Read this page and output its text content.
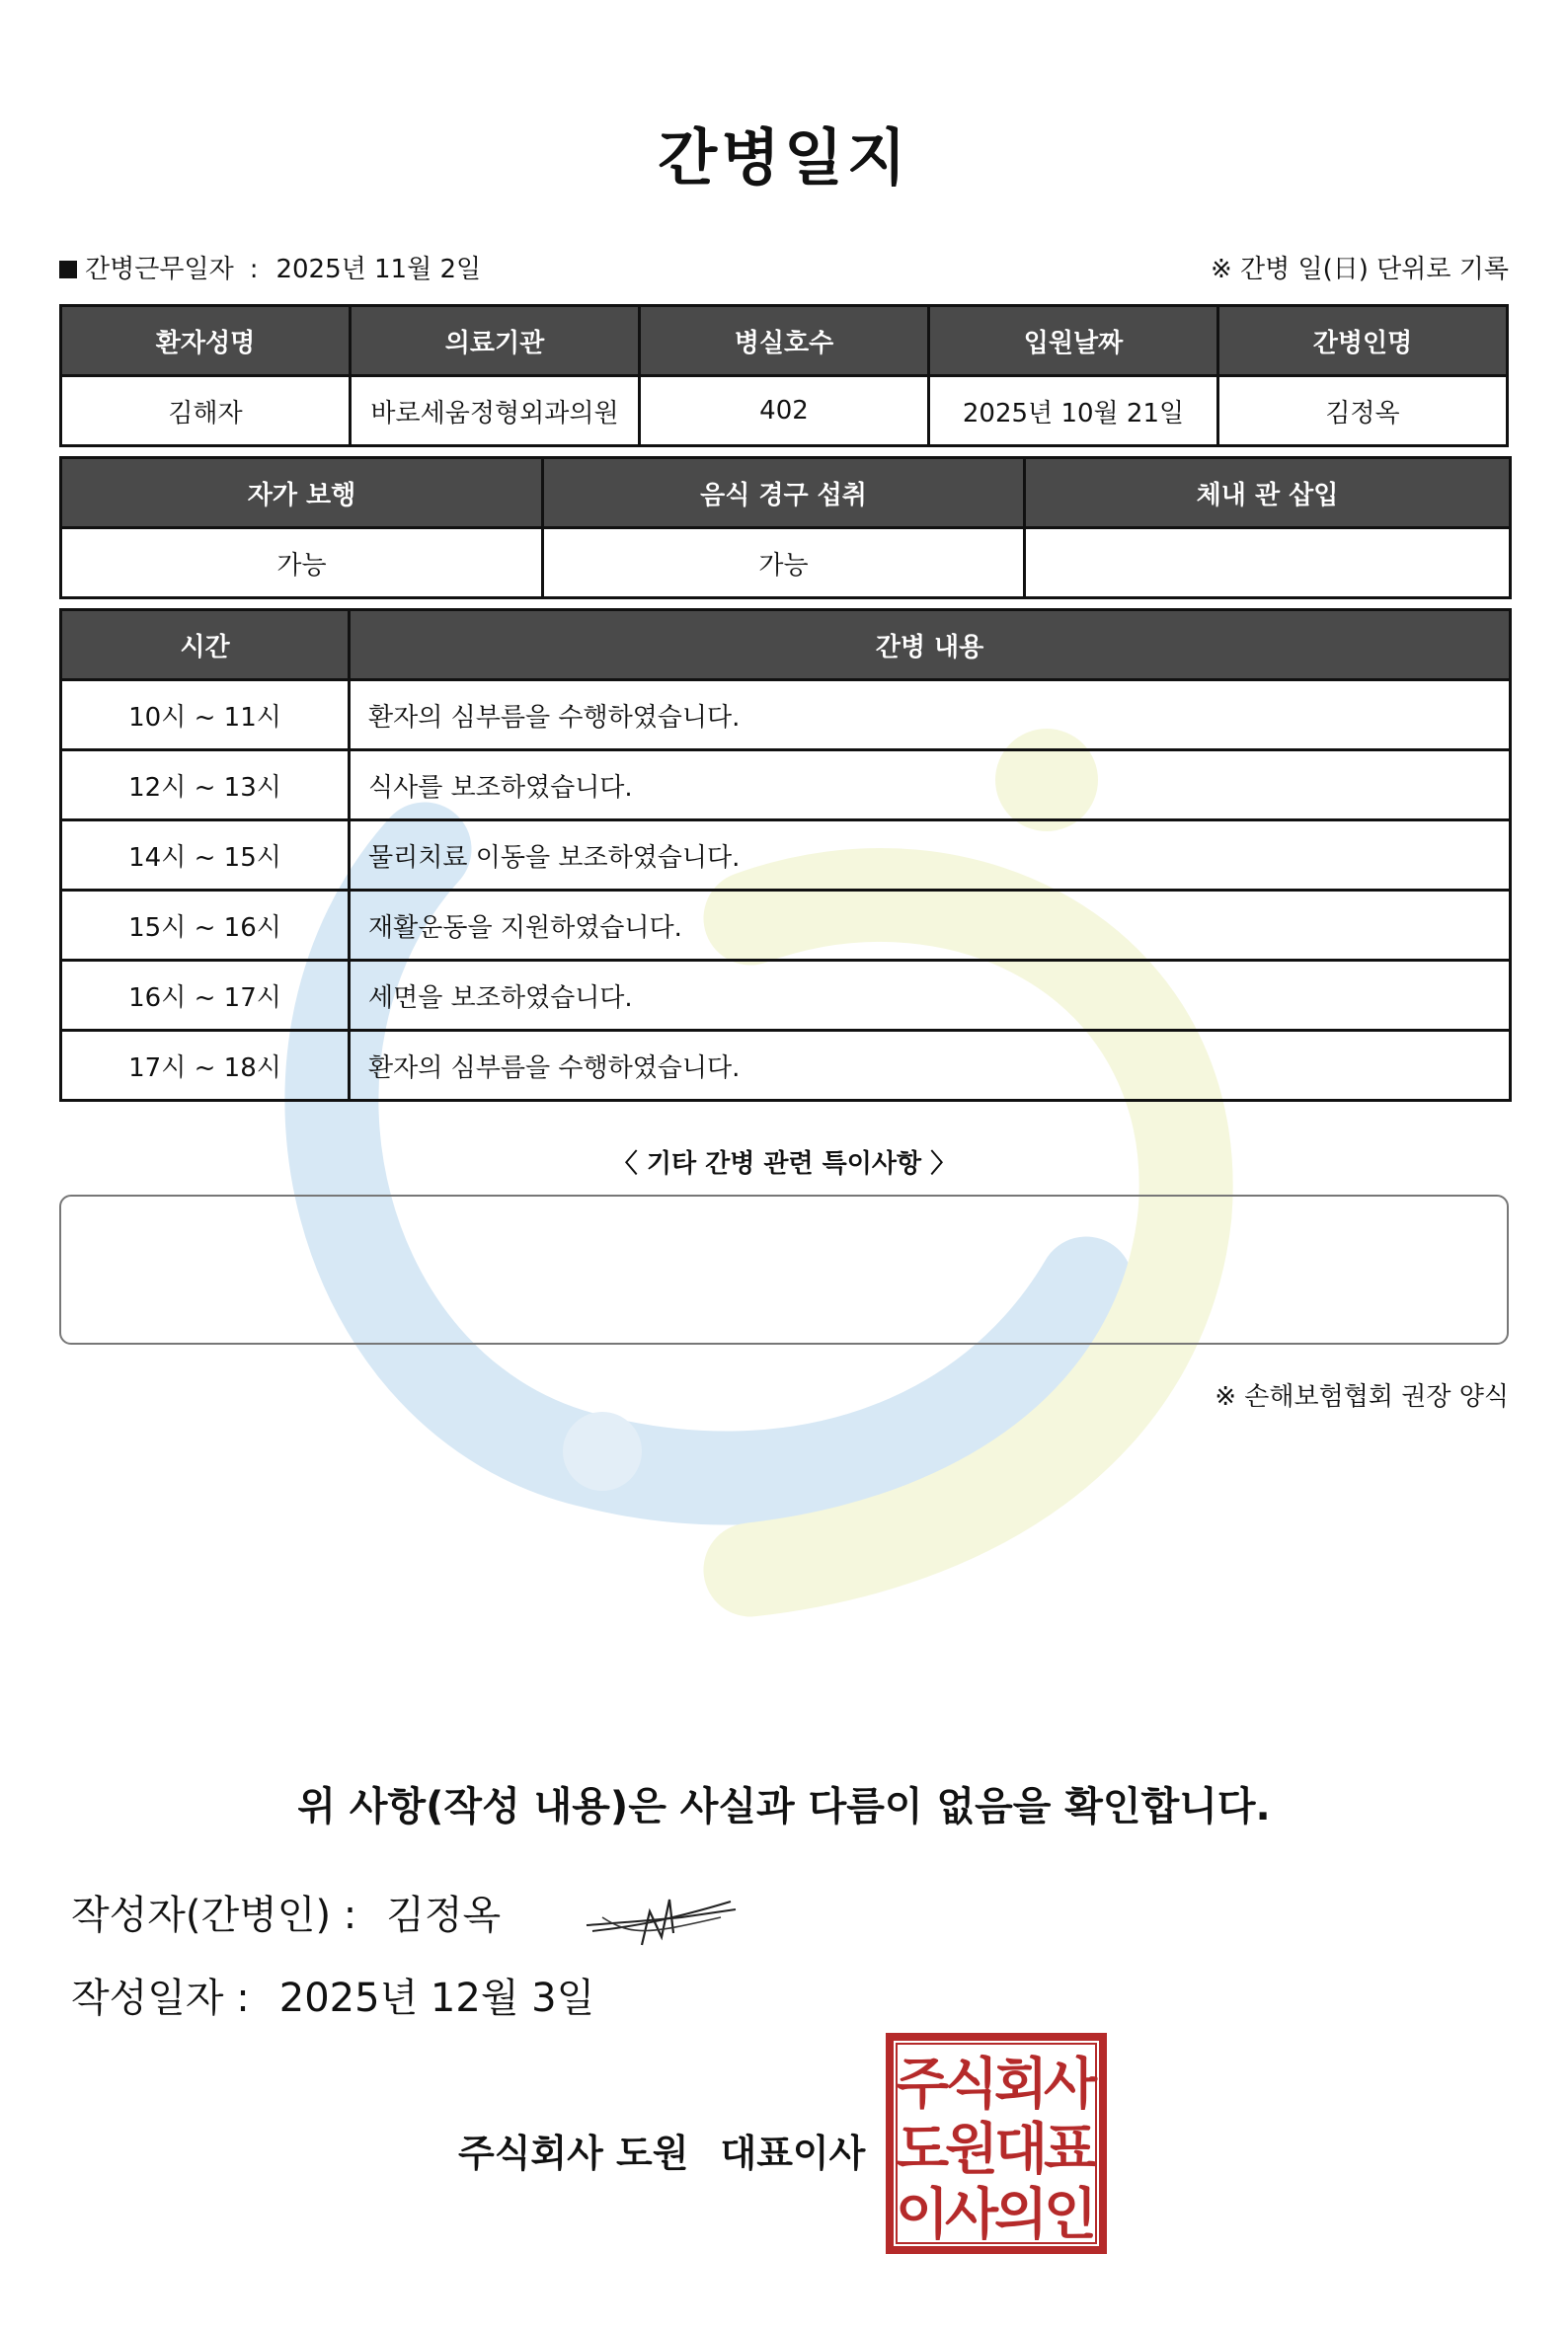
간병일지
간병근무일자 : 2025년 11월 2일	※ 간병 일(日) 단위로 기록
환자성명	의료기관	병실호수	입원날짜	간병인명
김해자	바로세움정형외과의원	402	2025년 10월 21일	김정옥
자가 보행	음식 경구 섭취	체내 관 삽입
가능	가능	
시간	간병 내용
10시 ~ 11시	환자의 심부름을 수행하였습니다.
12시 ~ 13시	식사를 보조하였습니다.
14시 ~ 15시	물리치료 이동을 보조하였습니다.
15시 ~ 16시	재활운동을 지원하였습니다.
16시 ~ 17시	세면을 보조하였습니다.
17시 ~ 18시	환자의 심부름을 수행하였습니다.
〈 기타 간병 관련 특이사항 〉
※ 손해보험협회 권장 양식
위 사항(작성 내용)은 사실과 다름이 없음을 확인합니다.
작성자(간병인) : 김정옥
작성일자 : 2025년 12월 3일
주식회사 도원 대표이사
주
식
회
사
도
원
대
표
이
사
의
인
